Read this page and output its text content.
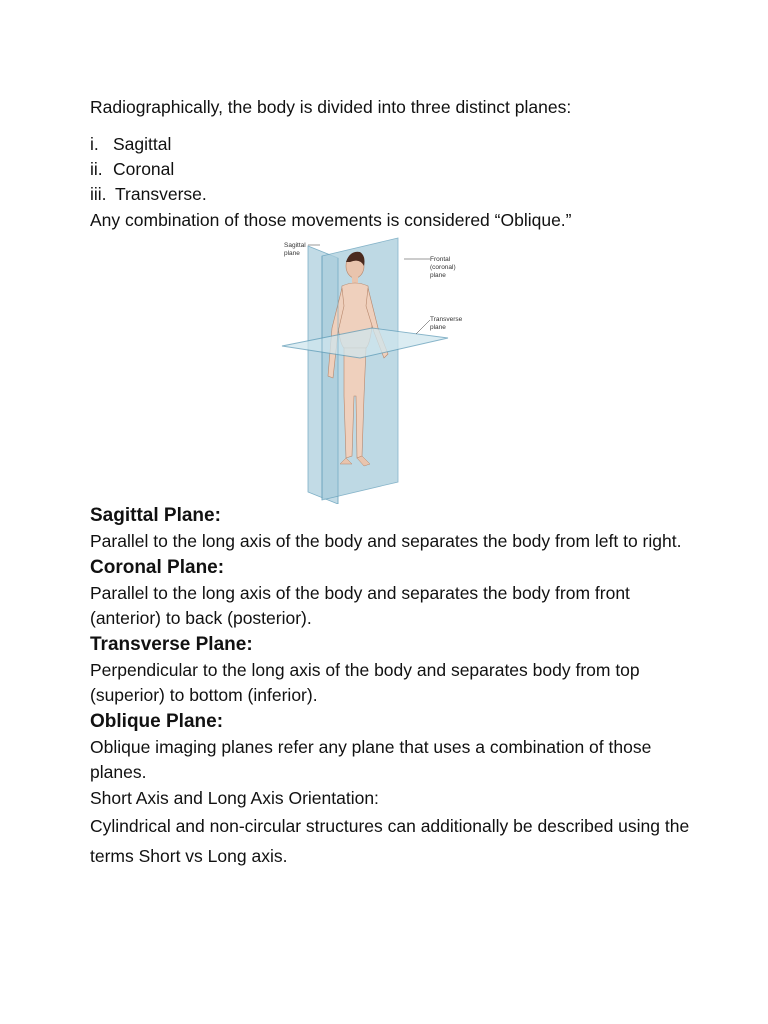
Radiographically, the body is divided into three distinct planes:

i. Sagittal
ii. Coronal
iii. Transverse.

Any combination of those movements is considered “Oblique.”

Sagittal
plane
Frontal
(coronal)
plane
Transverse
plane

Sagittal Plane:

Parallel to the long axis of the body and separates the body from left to right.

Coronal Plane:

Parallel to the long axis of the body and separates the body from front (anterior) to back (posterior).

Transverse Plane:

Perpendicular to the long axis of the body and separates body from top (superior) to bottom (inferior).

Oblique Plane:

Oblique imaging planes refer any plane that uses a combination of those planes.

Short Axis and Long Axis Orientation:

Cylindrical and non-circular structures can additionally be described using the terms Short vs Long axis.
